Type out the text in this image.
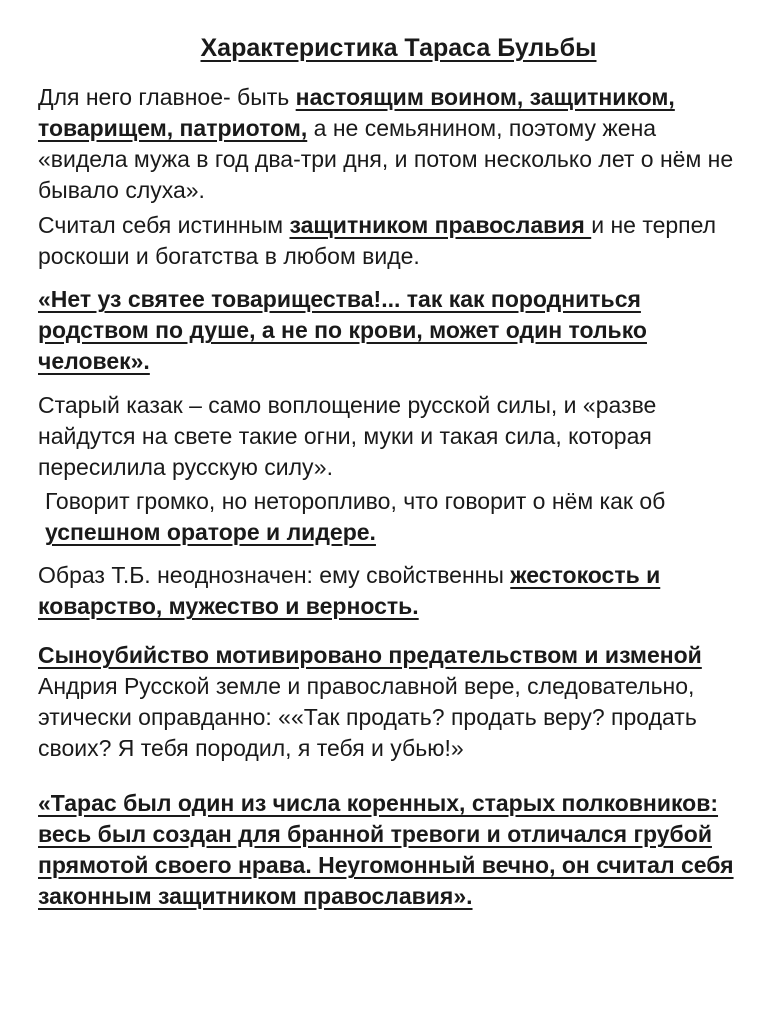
Характеристика Тараса Бульбы

Для него главное- быть настоящим воином, защитником, товарищем, патриотом, а не семьянином, поэтому жена «видела мужа в год два-три дня, и потом несколько лет о нём не бывало слуха».

Считал себя истинным защитником православия и не терпел роскоши и богатства в любом виде.

«Нет уз святее товарищества!... так как породниться родством по душе, а не по крови, может один только человек».

Старый казак – само воплощение русской силы, и «разве найдутся на свете такие огни, муки и такая сила, которая пересилила русскую силу».

Говорит громко, но неторопливо, что говорит о нём как об успешном ораторе и лидере.

Образ Т.Б. неоднозначен: ему свойственны жестокость и коварство, мужество и верность.

Сыноубийство мотивировано предательством и изменой Андрия Русской земле и православной вере, следовательно, этически оправданно: ««Так продать? продать веру? продать своих? Я тебя породил, я тебя и убью!»

«Тарас был один из числа коренных, старых полковников: весь был создан для бранной тревоги и отличался грубой прямотой своего нрава. Неугомонный вечно, он считал себя законным защитником православия».
